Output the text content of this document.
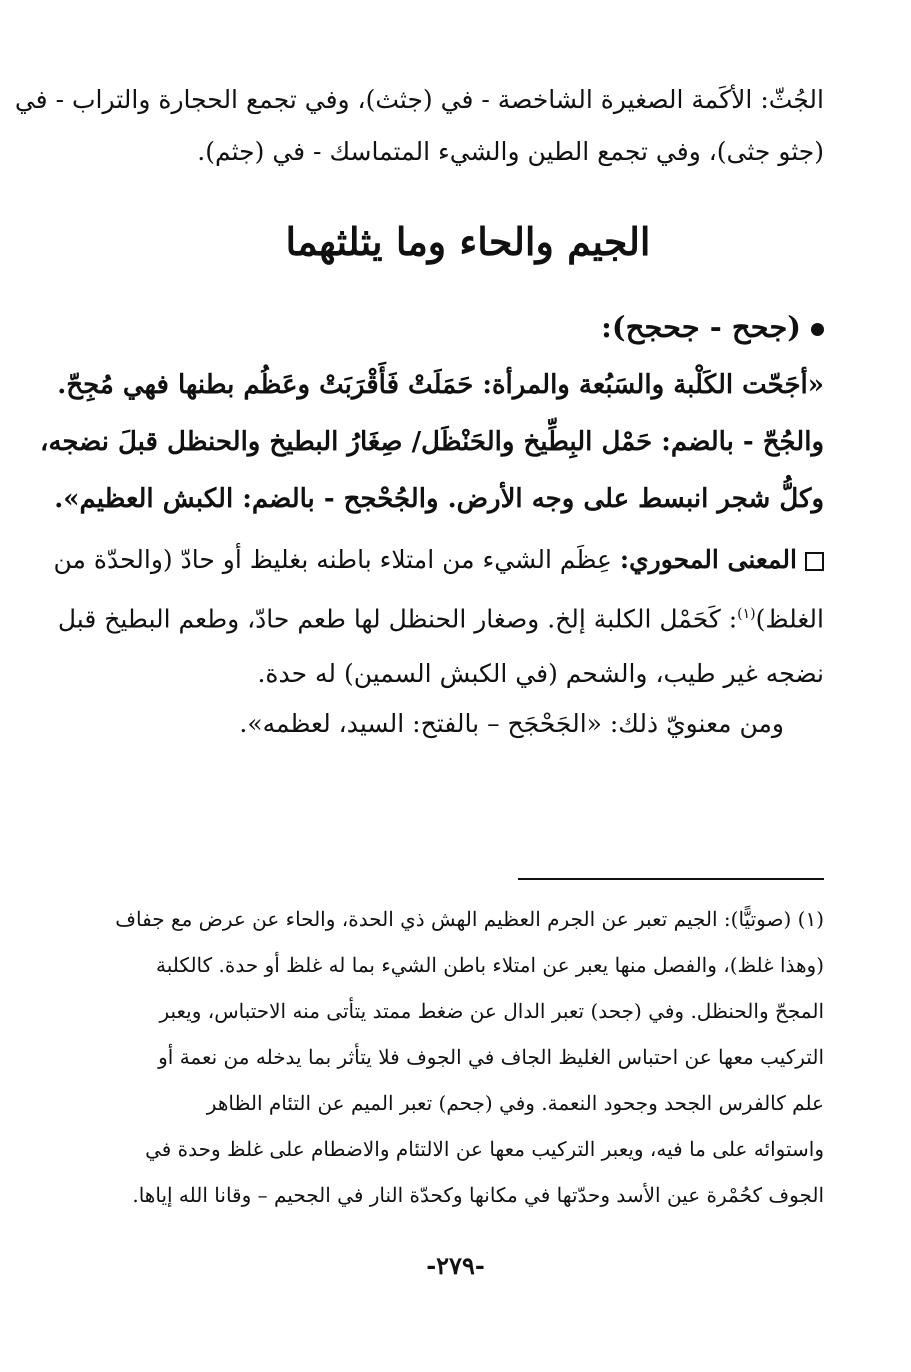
الجُثّ: الأكَمة الصغيرة الشاخصة - في (جثث)، وفي تجمع الحجارة والتراب - في
(جثو جثى)، وفي تجمع الطين والشيء المتماسك - في (جثم).
الجيم والحاء وما يثلثهما
(جحح - جحجح):
«أجَحّت الكَلْبة والسَبُعة والمرأة: حَمَلَتْ فَأَقْرَبَتْ وعَظُم بطنها فهي مُجِحّ.
والجُحّ - بالضم: حَمْل البِطِّيخ والحَنْظَل/ صِغَارُ البطيخ والحنظل قبلَ نضجه،
وكلُّ شجر انبسط على وجه الأرض. والجُحْجح - بالضم: الكبش العظيم».
المعنى المحوري: عِظَم الشيء من امتلاء باطنه بغليظ أو حادّ (والحدّة من
الغلظ)$^{(١)}$: كَحَمْل الكلبة إلخ. وصغار الحنظل لها طعم حادّ، وطعم البطيخ قبل
نضجه غير طيب، والشحم (في الكبش السمين) له حدة.
ومن معنويّ ذلك: «الجَحْجَح – بالفتح: السيد، لعظمه».
(١) (صوتيًّا): الجيم تعبر عن الجرم العظيم الهش ذي الحدة، والحاء عن عرض مع جفاف
(وهذا غلظ)، والفصل منها يعبر عن امتلاء باطن الشيء بما له غلظ أو حدة. كالكلبة
المجحّ والحنظل. وفي (جحد) تعبر الدال عن ضغط ممتد يتأتى منه الاحتباس، ويعبر
التركيب معها عن احتباس الغليظ الجاف في الجوف فلا يتأثر بما يدخله من نعمة أو
علم كالفرس الجحد وجحود النعمة. وفي (جحم) تعبر الميم عن التئام الظاهر
واستوائه على ما فيه، ويعبر التركيب معها عن الالتئام والاضطام على غلظ وحدة في
الجوف كحُمْرة عين الأسد وحدّتها في مكانها وكحدّة النار في الجحيم – وقانا الله إياها.
-٢٧٩-
